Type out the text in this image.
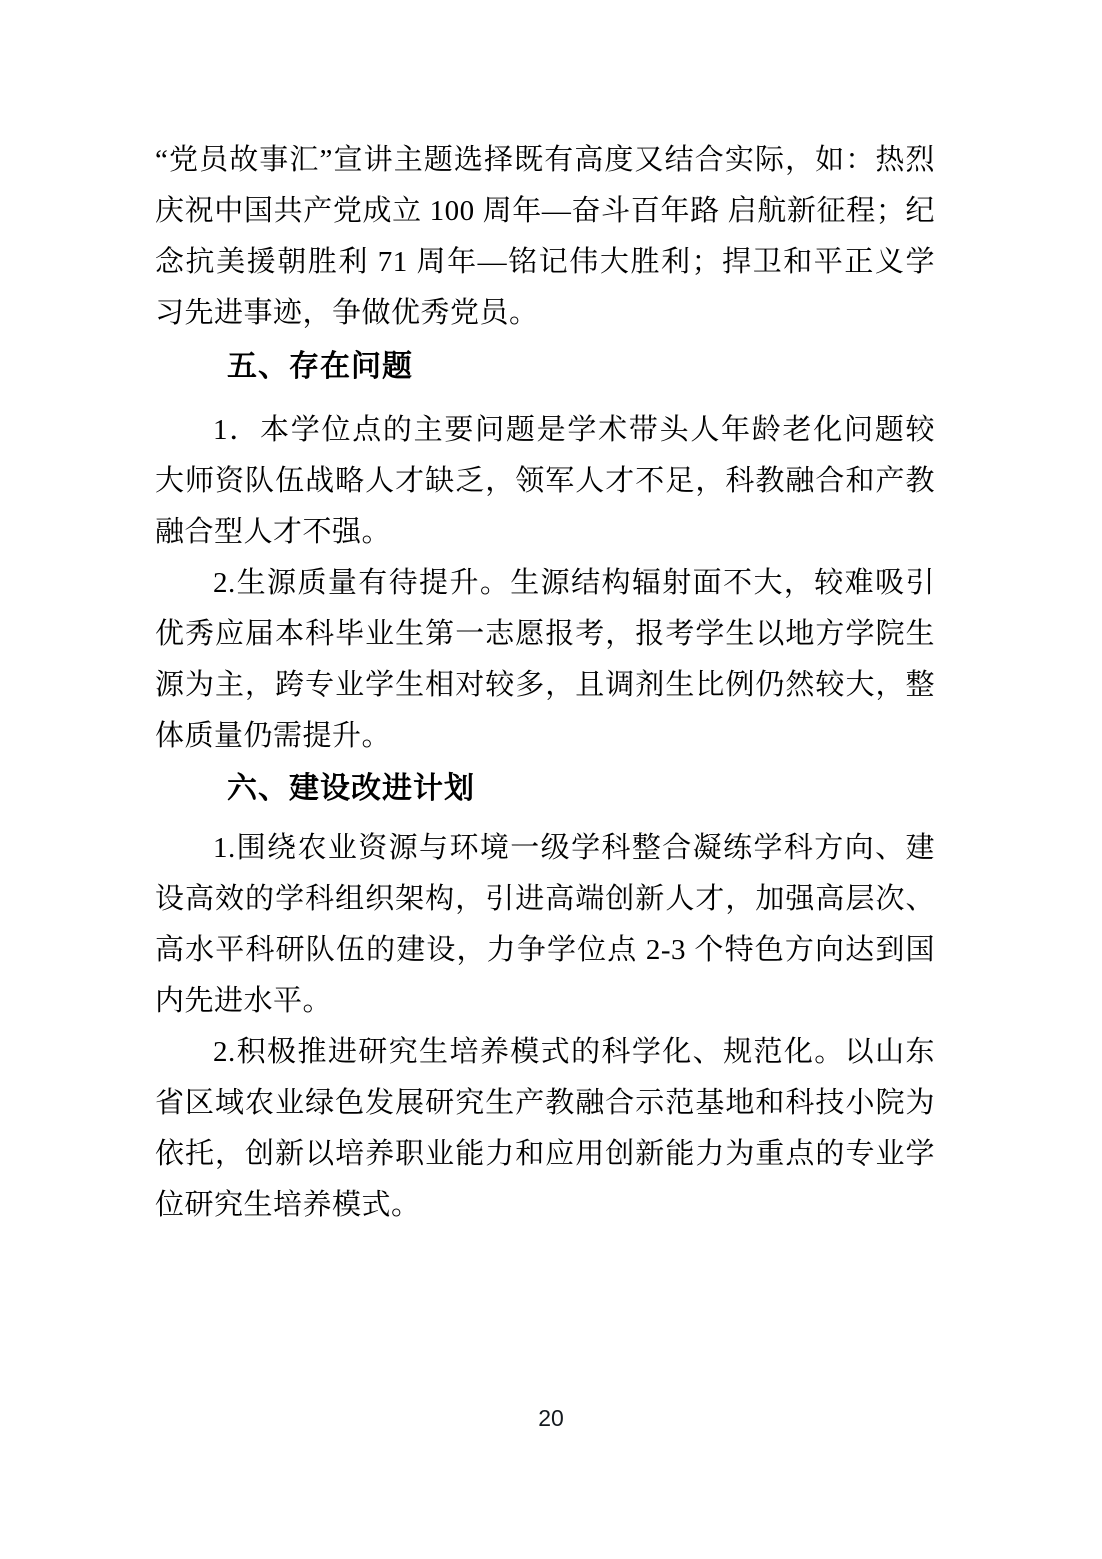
“党员故事汇”宣讲主题选择既有高度又结合实际，如：热烈庆祝中国共产党成立 100 周年—奋斗百年路 启航新征程；纪念抗美援朝胜利 71 周年—铭记伟大胜利；捍卫和平正义学习先进事迹，争做优秀党员。

五、存在问题

1．本学位点的主要问题是学术带头人年龄老化问题较大师资队伍战略人才缺乏，领军人才不足，科教融合和产教融合型人才不强。

2.生源质量有待提升。生源结构辐射面不大，较难吸引优秀应届本科毕业生第一志愿报考，报考学生以地方学院生源为主，跨专业学生相对较多，且调剂生比例仍然较大，整体质量仍需提升。

六、建设改进计划

1.围绕农业资源与环境一级学科整合凝练学科方向、建设高效的学科组织架构，引进高端创新人才，加强高层次、高水平科研队伍的建设，力争学位点 2-3 个特色方向达到国内先进水平。

2.积极推进研究生培养模式的科学化、规范化。以山东省区域农业绿色发展研究生产教融合示范基地和科技小院为依托，创新以培养职业能力和应用创新能力为重点的专业学位研究生培养模式。

20
